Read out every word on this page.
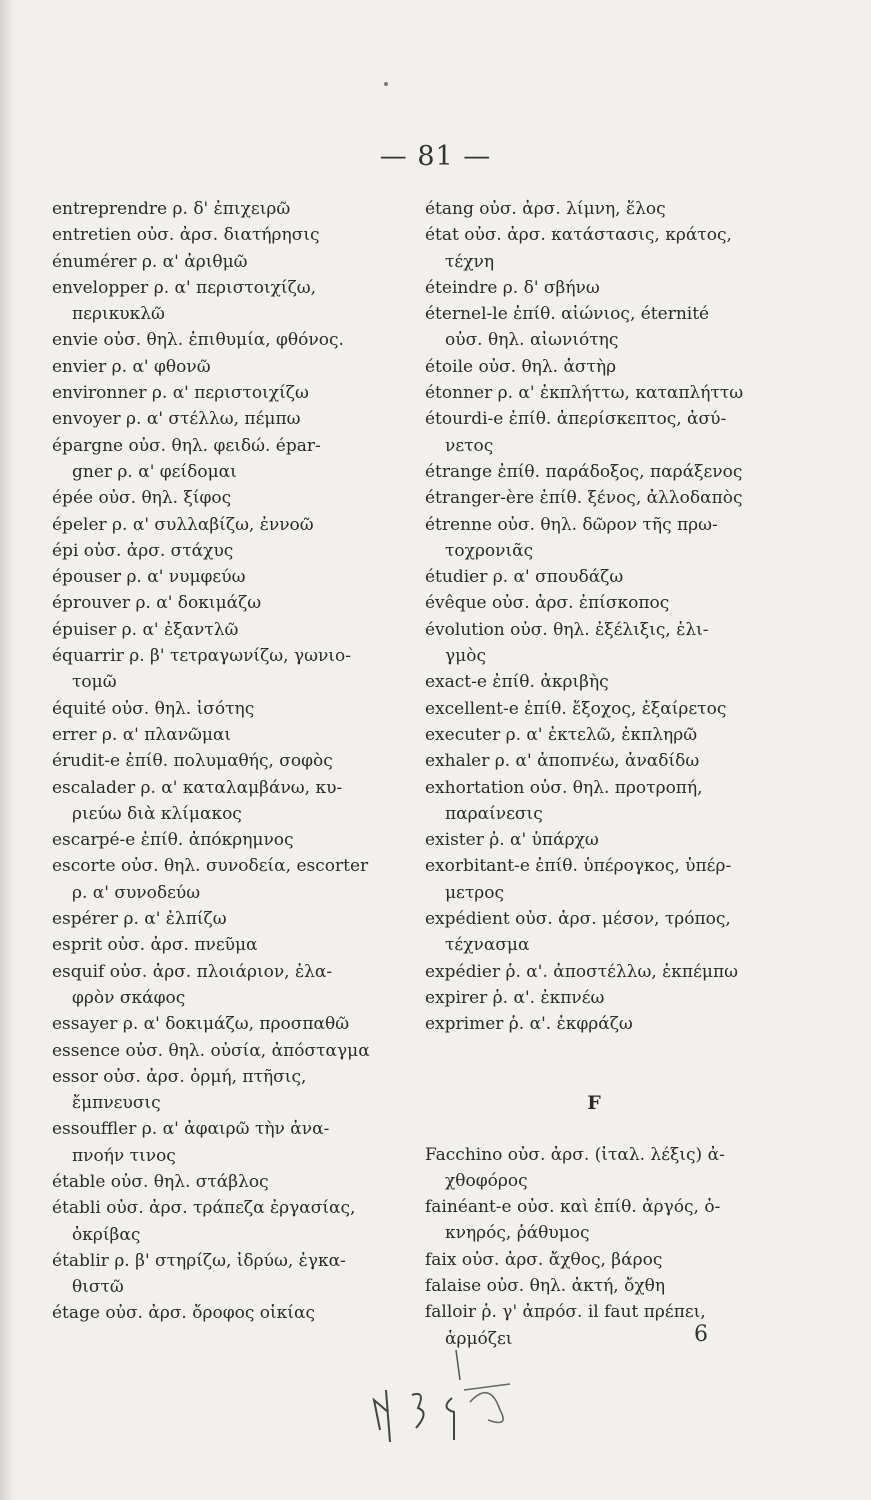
— 81 —
entreprendre ρ. δ' ἐπιχειρῶ
entretien οὐσ. ἀρσ. διατήρησις
énumérer ρ. α' ἀριθμῶ
envelopper ρ. α' περιστοιχίζω,
περικυκλῶ
envie οὐσ. θηλ. ἐπιθυμία, φθόνος.
envier ρ. α' φθονῶ
environner ρ. α' περιστοιχίζω
envoyer ρ. α' στέλλω, πέμπω
épargne οὐσ. θηλ. φειδώ. épar-
gner ρ. α' φείδομαι
épée οὐσ. θηλ. ξίφος
épeler ρ. α' συλλαβίζω, ἐννοῶ
épi οὐσ. ἀρσ. στάχυς
épouser ρ. α' νυμφεύω
éprouver ρ. α' δοκιμάζω
épuiser ρ. α' ἐξαντλῶ
équarrir ρ. β' τετραγωνίζω, γωνιο-
τομῶ
équité οὐσ. θηλ. ἰσότης
errer ρ. α' πλανῶμαι
érudit-e ἐπίθ. πολυμαθής, σοφὸς
escalader ρ. α' καταλαμβάνω, κυ-
ριεύω διὰ κλίμακος
escarpé-e ἐπίθ. ἀπόκρημνος
escorte οὐσ. θηλ. συνοδεία, escorter
ρ. α' συνοδεύω
espérer ρ. α' ἐλπίζω
esprit οὐσ. ἀρσ. πνεῦμα
esquif οὐσ. ἀρσ. πλοιάριον, ἐλα-
φρὸν σκάφος
essayer ρ. α' δοκιμάζω, προσπαθῶ
essence οὐσ. θηλ. οὐσία, ἀπόσταγμα
essor οὐσ. ἀρσ. ὁρμή, πτῆσις,
ἔμπνευσις
essouffler ρ. α' ἀφαιρῶ τὴν ἀνα-
πνοήν τινος
étable οὐσ. θηλ. στάβλος
établi οὐσ. ἀρσ. τράπεζα ἐργασίας,
ὀκρίβας
établir ρ. β' στηρίζω, ἱδρύω, ἐγκα-
θιστῶ
étage οὐσ. ἀρσ. ὄροφος οἰκίας
étang οὐσ. ἀρσ. λίμνη, ἕλος
état οὐσ. ἀρσ. κατάστασις, κράτος,
τέχνη
éteindre ρ. δ' σβήνω
éternel-le ἐπίθ. αἰώνιος, éternité
οὐσ. θηλ. αἰωνιότης
étoile οὐσ. θηλ. ἀστὴρ
étonner ρ. α' ἐκπλήττω, καταπλήττω
étourdi-e ἐπίθ. ἀπερίσκεπτος, ἀσύ-
νετος
étrange ἐπίθ. παράδοξος, παράξενος
étranger-ère ἐπίθ. ξένος, ἀλλοδαπὸς
étrenne οὐσ. θηλ. δῶρον τῆς πρω-
τοχρονιᾶς
étudier ρ. α' σπουδάζω
évêque οὐσ. ἀρσ. ἐπίσκοπος
évolution οὐσ. θηλ. ἐξέλιξις, ἑλι-
γμὸς
exact-e ἐπίθ. ἀκριβὴς
excellent-e ἐπίθ. ἔξοχος, ἐξαίρετος
executer ρ. α' ἐκτελῶ, ἐκπληρῶ
exhaler ρ. α' ἀποπνέω, ἀναδίδω
exhortation οὐσ. θηλ. προτροπή,
παραίνεσις
exister ῥ. α' ὑπάρχω
exorbitant-e ἐπίθ. ὑπέρογκος, ὑπέρ-
μετρος
expédient οὐσ. ἀρσ. μέσον, τρόπος,
τέχνασμα
expédier ῥ. α'. ἀποστέλλω, ἐκπέμπω
expirer ῥ. α'. ἐκπνέω
exprimer ῥ. α'. ἐκφράζω
F
Facchino οὐσ. ἀρσ. (ἰταλ. λέξις) ἀ-
χθοφόρος
fainéant-e οὐσ. καὶ ἐπίθ. ἀργός, ὀ-
κνηρός, ῥάθυμος
faix οὐσ. ἀρσ. ἄχθος, βάρος
falaise οὐσ. θηλ. ἀκτή, ὄχθη
falloir ῥ. γ' ἀπρόσ. il faut πρέπει,
ἁρμόζει	6
